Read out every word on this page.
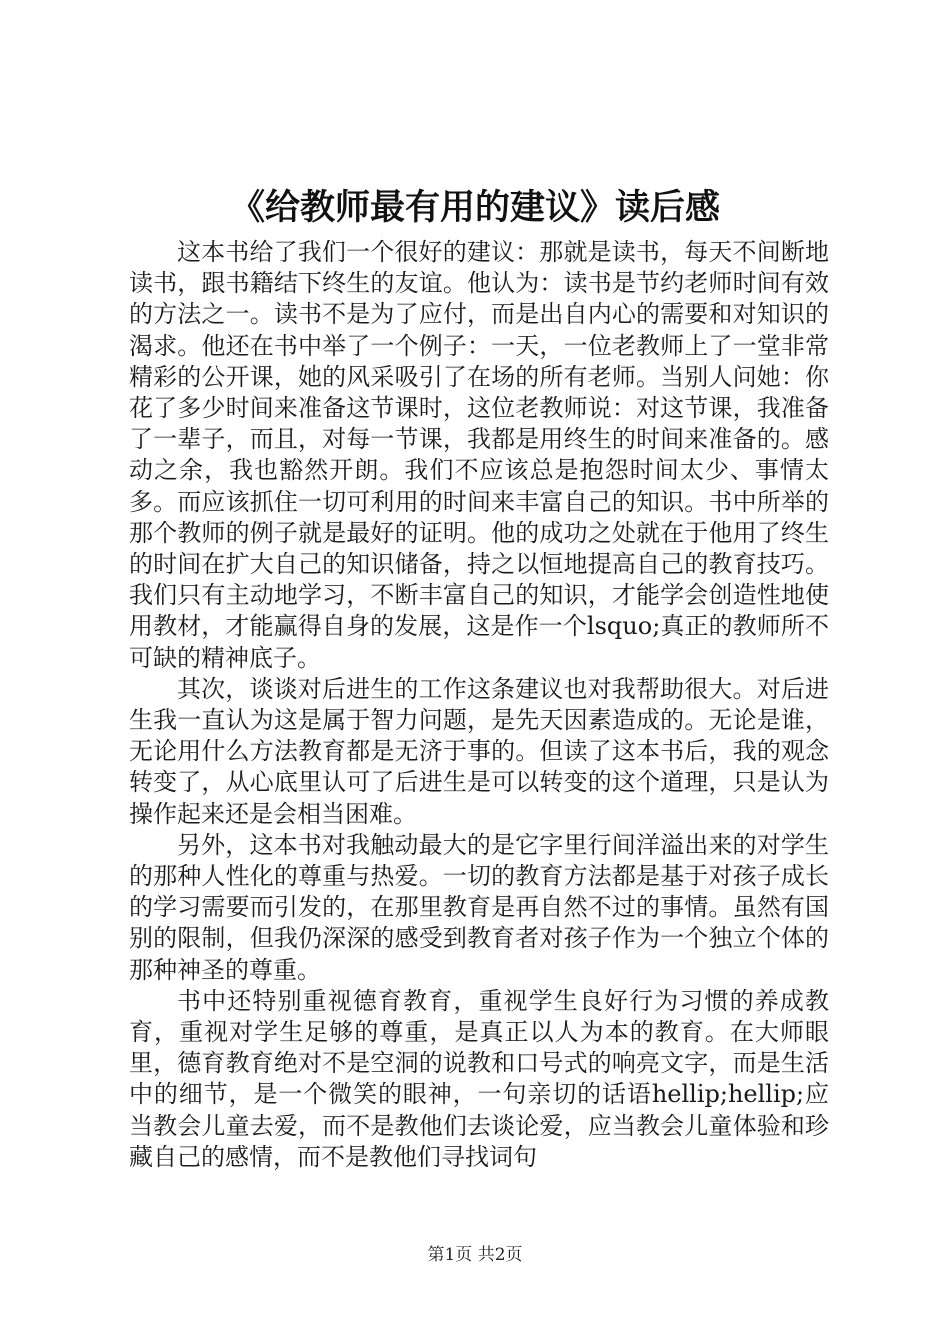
《给教师最有用的建议》读后感

这本书给了我们一个很好的建议：那就是读书，每天不间断地读书，跟书籍结下终生的友谊。他认为：读书是节约老师时间有效的方法之一。读书不是为了应付，而是出自内心的需要和对知识的渴求。他还在书中举了一个例子：一天，一位老教师上了一堂非常精彩的公开课，她的风采吸引了在场的所有老师。当别人问她：你花了多少时间来准备这节课时，这位老教师说：对这节课，我准备了一辈子，而且，对每一节课，我都是用终生的时间来准备的。感动之余，我也豁然开朗。我们不应该总是抱怨时间太少、事情太多。而应该抓住一切可利用的时间来丰富自己的知识。书中所举的那个教师的例子就是最好的证明。他的成功之处就在于他用了终生的时间在扩大自己的知识储备，持之以恒地提高自己的教育技巧。我们只有主动地学习，不断丰富自己的知识，才能学会创造性地使用教材，才能赢得自身的发展，这是作一个lsquo;真正的教师所不可缺的精神底子。

其次，谈谈对后进生的工作这条建议也对我帮助很大。对后进生我一直认为这是属于智力问题，是先天因素造成的。无论是谁，无论用什么方法教育都是无济于事的。但读了这本书后，我的观念转变了，从心底里认可了后进生是可以转变的这个道理，只是认为操作起来还是会相当困难。

另外，这本书对我触动最大的是它字里行间洋溢出来的对学生的那种人性化的尊重与热爱。一切的教育方法都是基于对孩子成长的学习需要而引发的，在那里教育是再自然不过的事情。虽然有国别的限制，但我仍深深的感受到教育者对孩子作为一个独立个体的那种神圣的尊重。

书中还特别重视德育教育，重视学生良好行为习惯的养成教育，重视对学生足够的尊重，是真正以人为本的教育。在大师眼里，德育教育绝对不是空洞的说教和口号式的响亮文字，而是生活中的细节，是一个微笑的眼神，一句亲切的话语hellip;hellip;应当教会儿童去爱，而不是教他们去谈论爱，应当教会儿童体验和珍藏自己的感情，而不是教他们寻找词句

第1页 共2页
